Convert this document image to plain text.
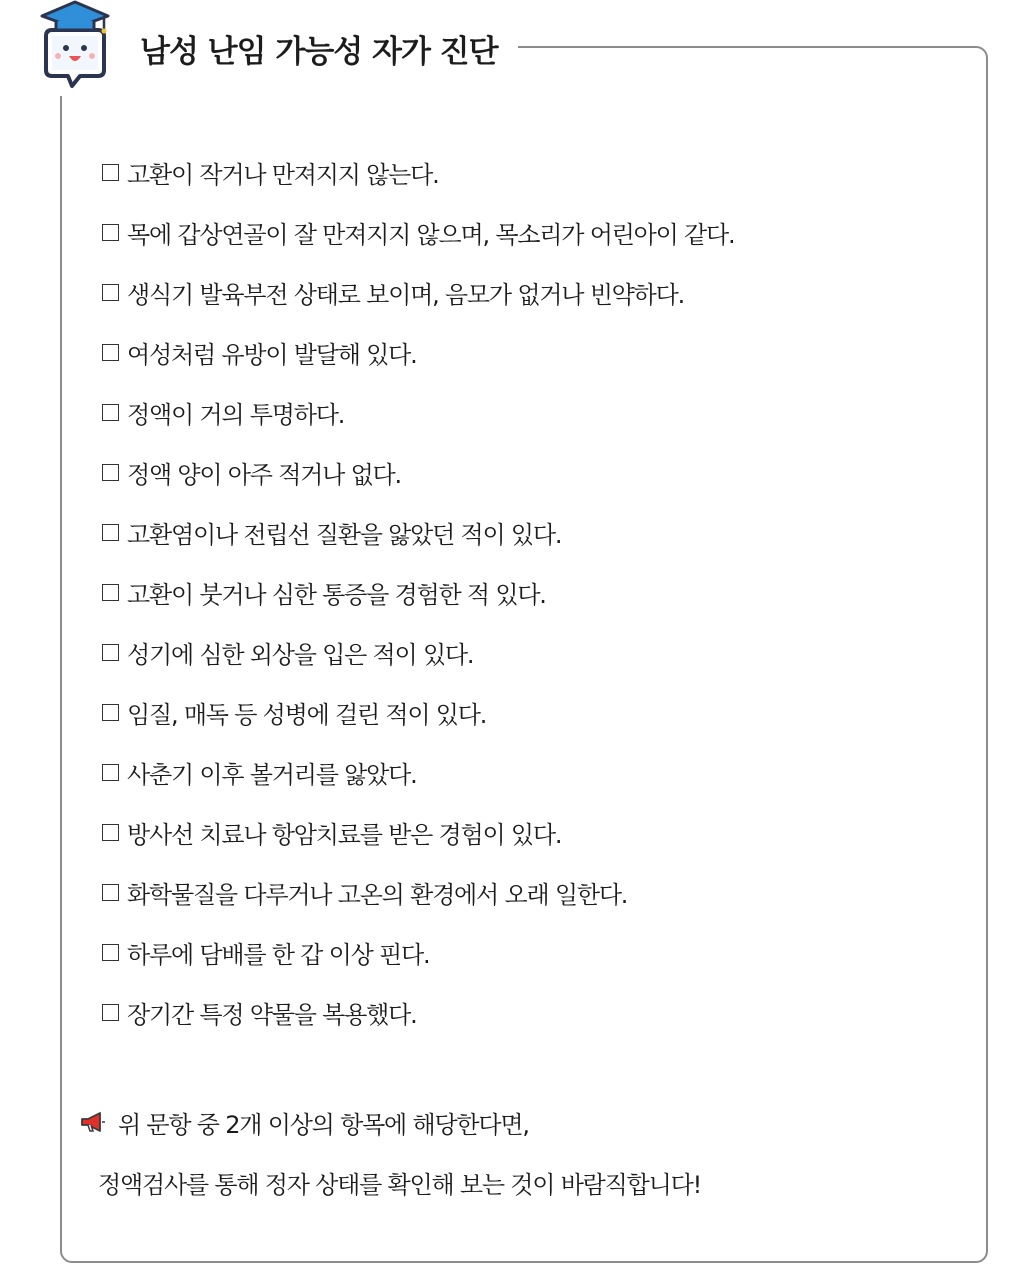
남성 난임 가능성 자가 진단
고환이 작거나 만져지지 않는다.
목에 갑상연골이 잘 만져지지 않으며, 목소리가 어린아이 같다.
생식기 발육부전 상태로 보이며, 음모가 없거나 빈약하다.
여성처럼 유방이 발달해 있다.
정액이 거의 투명하다.
정액 양이 아주 적거나 없다.
고환염이나 전립선 질환을 앓았던 적이 있다.
고환이 붓거나 심한 통증을 경험한 적 있다.
성기에 심한 외상을 입은 적이 있다.
임질, 매독 등 성병에 걸린 적이 있다.
사춘기 이후 볼거리를 앓았다.
방사선 치료나 항암치료를 받은 경험이 있다.
화학물질을 다루거나 고온의 환경에서 오래 일한다.
하루에 담배를 한 갑 이상 핀다.
장기간 특정 약물을 복용했다.
위 문항 중 2개 이상의 항목에 해당한다면,
정액검사를 통해 정자 상태를 확인해 보는 것이 바람직합니다!
